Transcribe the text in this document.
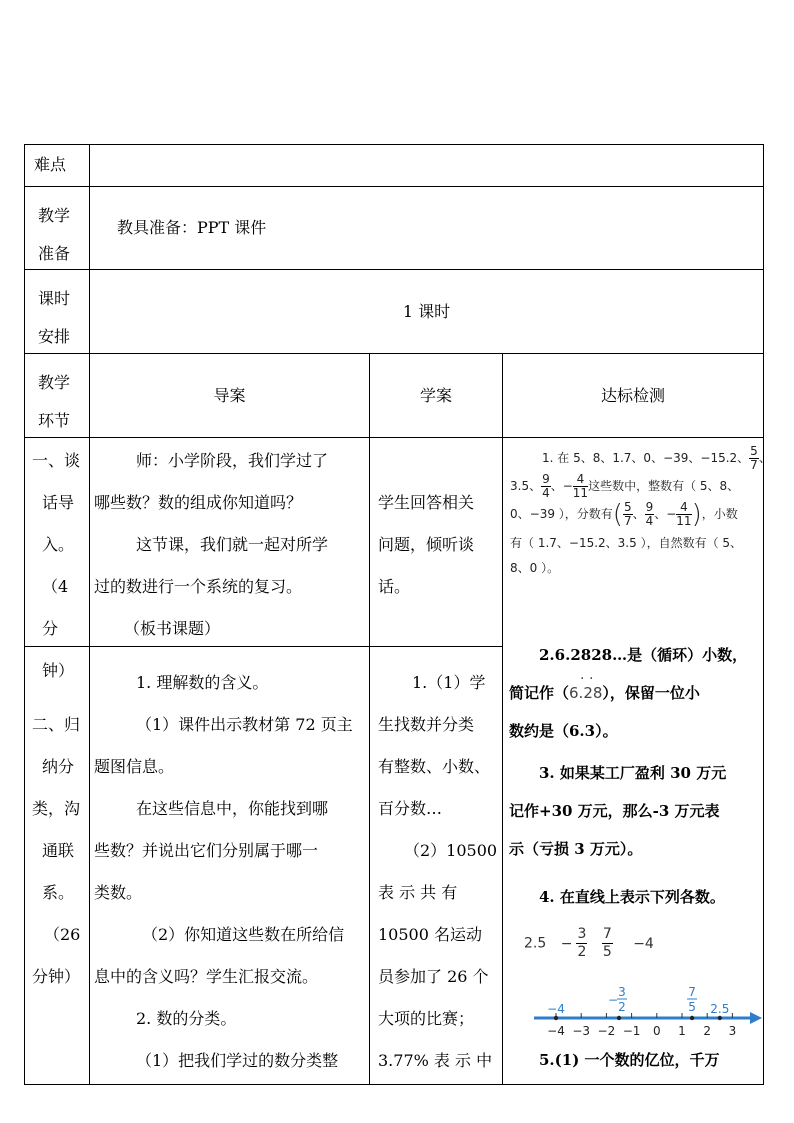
难点
教学
准备
教具准备：PPT 课件
课时
安排
1 课时
教学
环节
导案	学案	达标检测

一、谈

话导

入。

（4 分

钟）

师：小学阶段，我们学过了

哪些数？数的组成你知道吗？

这节课，我们就一起对所学

过的数进行一个系统的复习。

（板书课题）

学生回答相关

问题，倾听谈

话。

二、归

纳分

类，沟

通联

系。

（26

分钟）

1. 理解数的含义。

（1）课件出示教材第 72 页主

题图信息。

在这些信息中，你能找到哪

些数？并说出它们分别属于哪一

类数。

（2）你知道这些数在所给信

息中的含义吗？学生汇报交流。

2. 数的分类。

（1）把我们学过的数分类整

1.（1）学

生找数并分类

有整数、小数、

百分数…

（2）10500

表 示 共 有

10500 名运动

员参加了 26 个

大项的比赛；

3.77% 表 示 中

1. 在 5、8、1.7、0、−39、−15.2、 $\frac{5}{7}$ 、
3.5、 $\frac{9}{4}$ 、− $\frac{4}{11}$ 这些数中，整数有（ 5、8、
0、−39 ），分数有( $\frac{5}{7}$ 、 $\frac{9}{4}$ 、− $\frac{4}{11}$ )，小数
有（ 1.7、−15.2、3.5 ），自然数有（ 5、
8、0 ）。
2.6.2828…是（循环）小数，
简记作（6.28
· ·
），保留一位小
数约是（6.3）。
3. 如果某工厂盈利 30 万元
记作+30 万元，那么-3 万元表
示（亏损 3 万元）。
4. 在直线上表示下列各数。
$2.5 - \frac{3}{2}$
$\frac{7}{5} -4$
−4 −3 −2 −1 0 1 2 3
−4
−
3
2
7
5 2.5
5.(1) 一个数的亿位，千万
